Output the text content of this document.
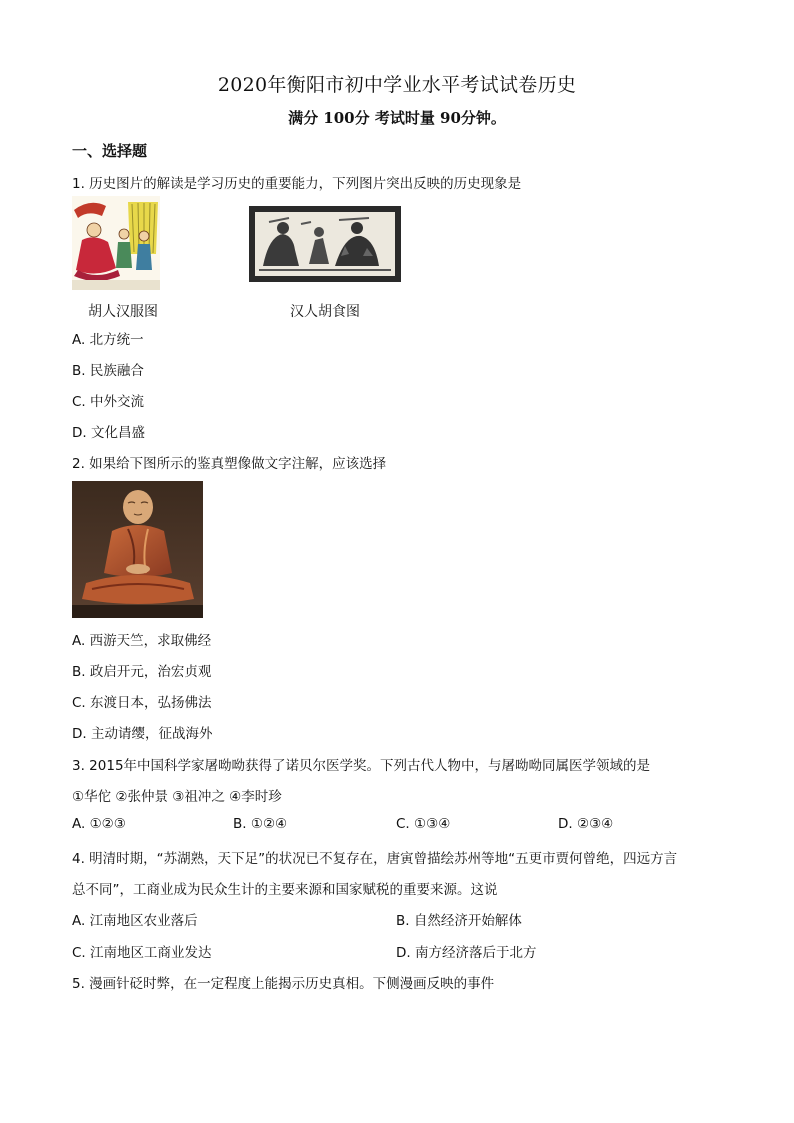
2020年衡阳市初中学业水平考试试卷历史
满分 100分 考试时量 90分钟。
一、选择题
1. 历史图片的解读是学习历史的重要能力，下列图片突出反映的历史现象是
胡人汉服图	汉人胡食图
A. 北方统一
B. 民族融合
C. 中外交流
D. 文化昌盛
2. 如果给下图所示的鉴真塑像做文字注解，应该选择
A. 西游天竺，求取佛经
B. 政启开元，治宏贞观
C. 东渡日本，弘扬佛法
D. 主动请缨，征战海外
3. 2015年中国科学家屠呦呦获得了诺贝尔医学奖。下列古代人物中，与屠呦呦同属医学领域的是
①华佗 ②张仲景 ③祖冲之 ④李时珍
A. ①②③	B. ①②④	C. ①③④	D. ②③④
4. 明清时期，“苏湖熟，天下足”的状况已不复存在，唐寅曾描绘苏州等地“五更市贾何曾绝，四远方言
总不同”，工商业成为民众生计的主要来源和国家赋税的重要来源。这说
A. 江南地区农业落后	B. 自然经济开始解体
C. 江南地区工商业发达	D. 南方经济落后于北方
5. 漫画针砭时弊，在一定程度上能揭示历史真相。下侧漫画反映的事件
